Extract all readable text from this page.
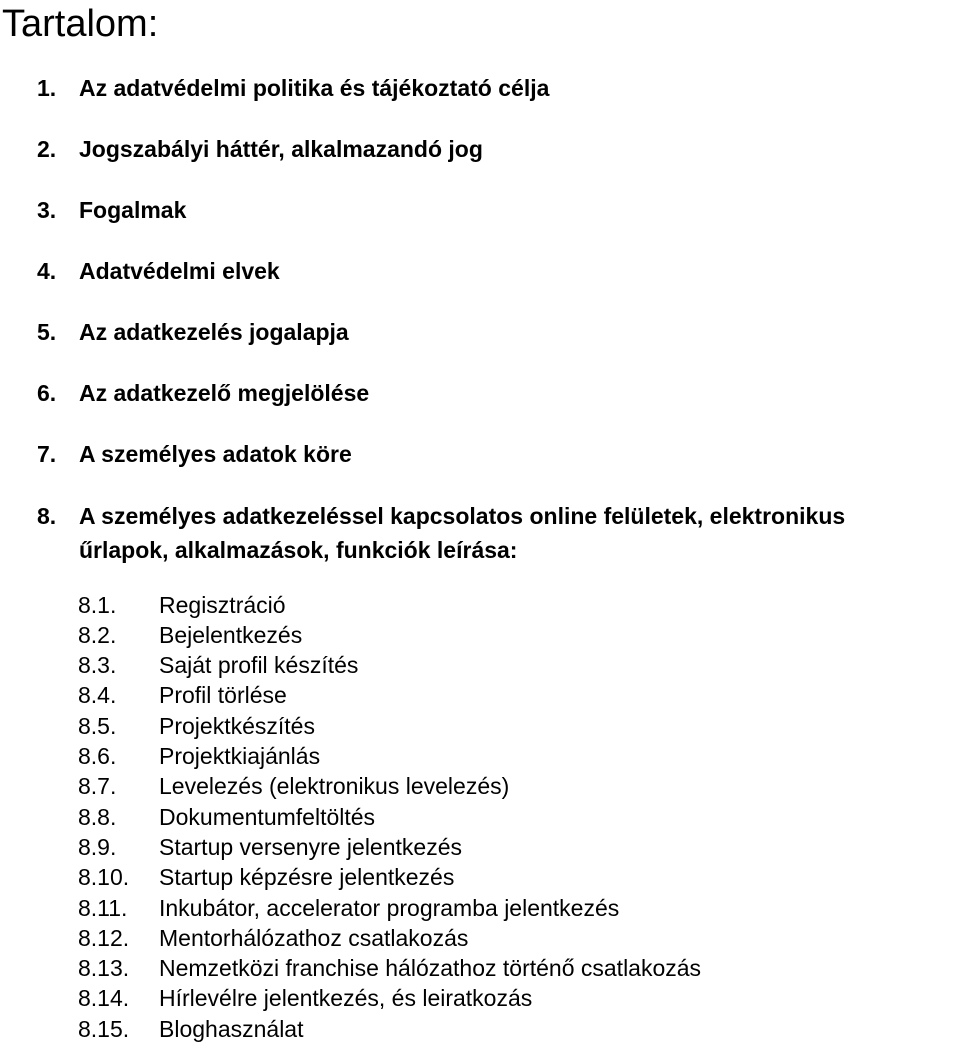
Tartalom:
1. Az adatvédelmi politika és tájékoztató célja
2. Jogszabályi háttér, alkalmazandó jog
3. Fogalmak
4. Adatvédelmi elvek
5. Az adatkezelés jogalapja
6. Az adatkezelő megjelölése
7. A személyes adatok köre
8. A személyes adatkezeléssel kapcsolatos online felületek, elektronikus
űrlapok, alkalmazások, funkciók leírása:
8.1. Regisztráció
8.2. Bejelentkezés
8.3. Saját profil készítés
8.4. Profil törlése
8.5. Projektkészítés
8.6. Projektkiajánlás
8.7. Levelezés (elektronikus levelezés)
8.8. Dokumentumfeltöltés
8.9. Startup versenyre jelentkezés
8.10. Startup képzésre jelentkezés
8.11. Inkubátor, accelerator programba jelentkezés
8.12. Mentorhálózathoz csatlakozás
8.13. Nemzetközi franchise hálózathoz történő csatlakozás
8.14. Hírlevélre jelentkezés, és leiratkozás
8.15. Bloghasználat
